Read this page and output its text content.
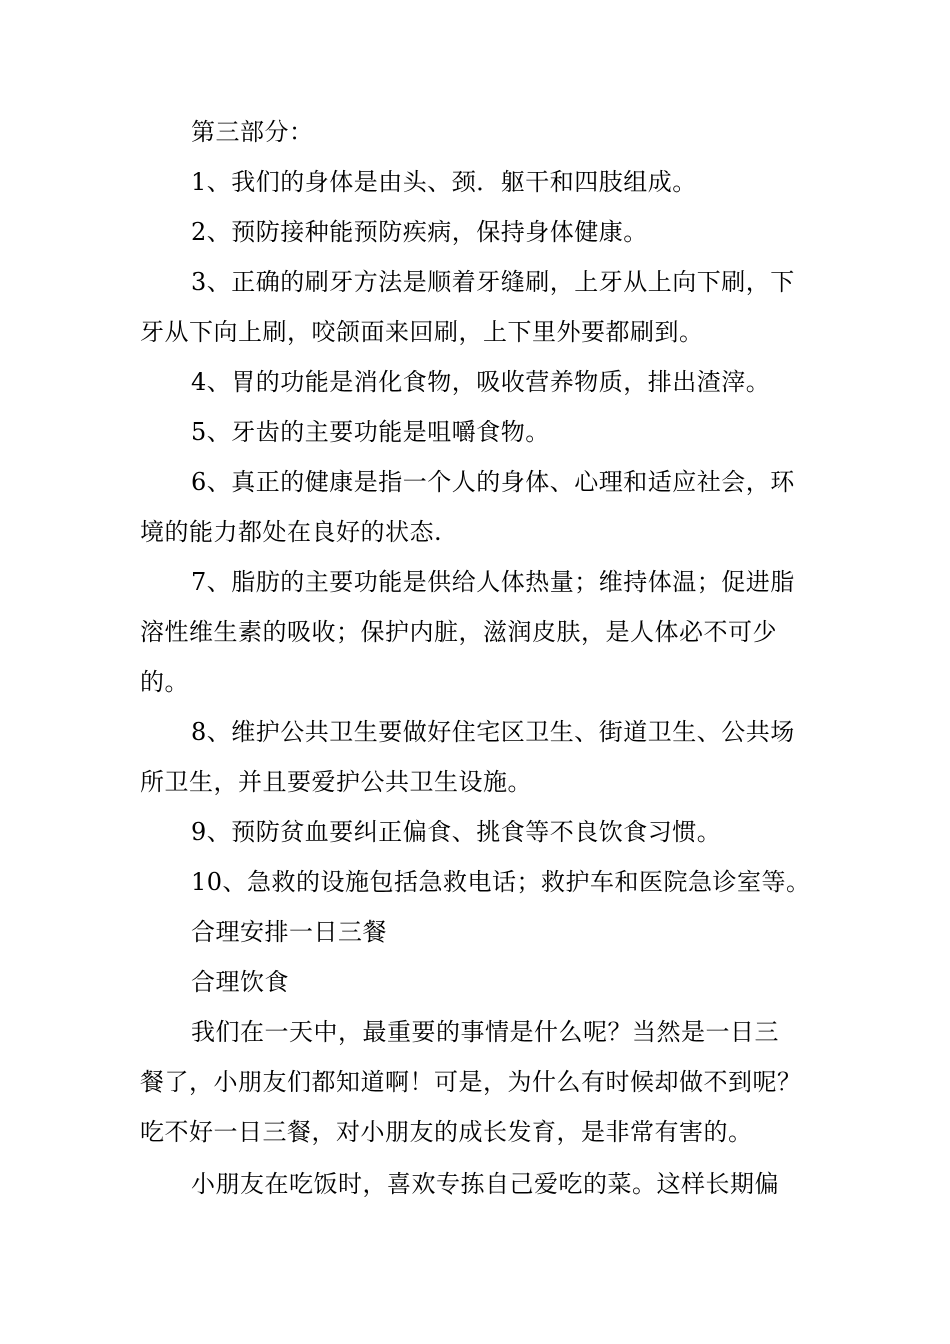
第三部分：
1、我们的身体是由头、颈．躯干和四肢组成。
2、预防接种能预防疾病，保持身体健康。
3、正确的刷牙方法是顺着牙缝刷，上牙从上向下刷，下
牙从下向上刷，咬颌面来回刷，上下里外要都刷到。
4、胃的功能是消化食物，吸收营养物质，排出渣滓。
5、牙齿的主要功能是咀嚼食物。
6、真正的健康是指一个人的身体、心理和适应社会，环
境的能力都处在良好的状态.
7、脂肪的主要功能是供给人体热量；维持体温；促进脂
溶性维生素的吸收；保护内脏，滋润皮肤，是人体必不可少
的。
8、维护公共卫生要做好住宅区卫生、街道卫生、公共场
所卫生，并且要爱护公共卫生设施。
9、预防贫血要纠正偏食、挑食等不良饮食习惯。
10、急救的设施包括急救电话；救护车和医院急诊室等。
合理安排一日三餐
合理饮食
我们在一天中，最重要的事情是什么呢？当然是一日三
餐了，小朋友们都知道啊！可是，为什么有时候却做不到呢？
吃不好一日三餐，对小朋友的成长发育，是非常有害的。
小朋友在吃饭时，喜欢专拣自己爱吃的菜。这样长期偏
